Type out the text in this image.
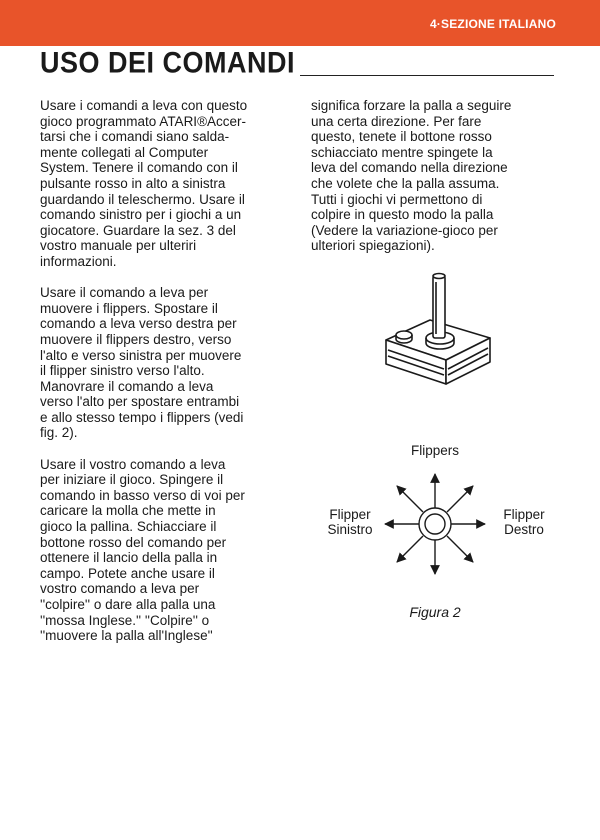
4·SEZIONE ITALIANO
USO DEI COMANDI

Usare i comandi a leva con questo
gioco programmato ATARI®Accer-
tarsi che i comandi siano salda-
mente collegati al Computer
System. Tenere il comando con il
pulsante rosso in alto a sinistra
guardando il teleschermo. Usare il
comando sinistro per i giochi a un
giocatore. Guardare la sez. 3 del
vostro manuale per ulteriri
informazioni.

Usare il comando a leva per
muovere i flippers. Spostare il
comando a leva verso destra per
muovere il flippers destro, verso
l'alto e verso sinistra per muovere
il flipper sinistro verso l'alto.
Manovrare il comando a leva
verso l'alto per spostare entrambi
e allo stesso tempo i flippers (vedi
fig. 2).

Usare il vostro comando a leva
per iniziare il gioco. Spingere il
comando in basso verso di voi per
caricare la molla che mette in
gioco la pallina. Schiacciare il
bottone rosso del comando per
ottenere il lancio della palla in
campo. Potete anche usare il
vostro comando a leva per
''colpire'' o dare alla palla una
''mossa Inglese.'' ''Colpire'' o
''muovere la palla all'Inglese''

significa forzare la palla a seguire
una certa direzione. Per fare
questo, tenete il bottone rosso
schiacciato mentre spingete la
leva del comando nella direzione
che volete che la palla assuma.
Tutti i giochi vi permettono di
colpire in questo modo la palla
(Vedere la variazione-gioco per
ulteriori spiegazioni).

Flippers
Flipper
Sinistro
Flipper
Destro
Figura 2
